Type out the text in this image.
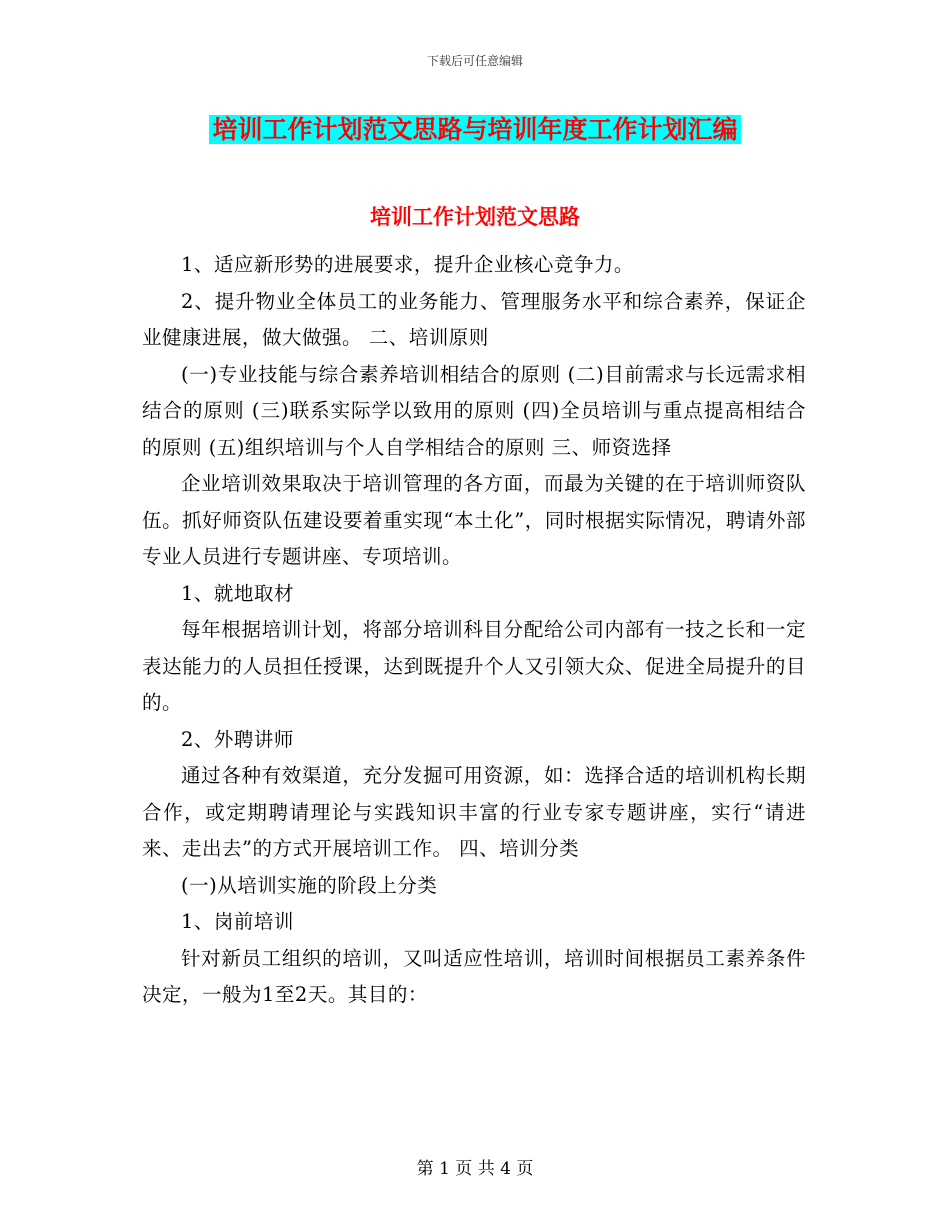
下载后可任意编辑
培训工作计划范文思路与培训年度工作计划汇编
培训工作计划范文思路

1、适应新形势的进展要求，提升企业核心竞争力。

2、提升物业全体员工的业务能力、管理服务水平和综合素养，保证企业健康进展，做大做强。 二、培训原则

(一)专业技能与综合素养培训相结合的原则 (二)目前需求与长远需求相结合的原则 (三)联系实际学以致用的原则 (四)全员培训与重点提高相结合的原则 (五)组织培训与个人自学相结合的原则 三、师资选择

企业培训效果取决于培训管理的各方面，而最为关键的在于培训师资队伍。抓好师资队伍建设要着重实现“本土化”，同时根据实际情况，聘请外部专业人员进行专题讲座、专项培训。

1、就地取材

每年根据培训计划，将部分培训科目分配给公司内部有一技之长和一定表达能力的人员担任授课，达到既提升个人又引领大众、促进全局提升的目的。

2、外聘讲师

通过各种有效渠道，充分发掘可用资源，如：选择合适的培训机构长期合作，或定期聘请理论与实践知识丰富的行业专家专题讲座，实行“请进来、走出去”的方式开展培训工作。 四、培训分类

(一)从培训实施的阶段上分类

1、岗前培训

针对新员工组织的培训，又叫适应性培训，培训时间根据员工素养条件决定，一般为1至2天。其目的：

第 1 页 共 4 页
